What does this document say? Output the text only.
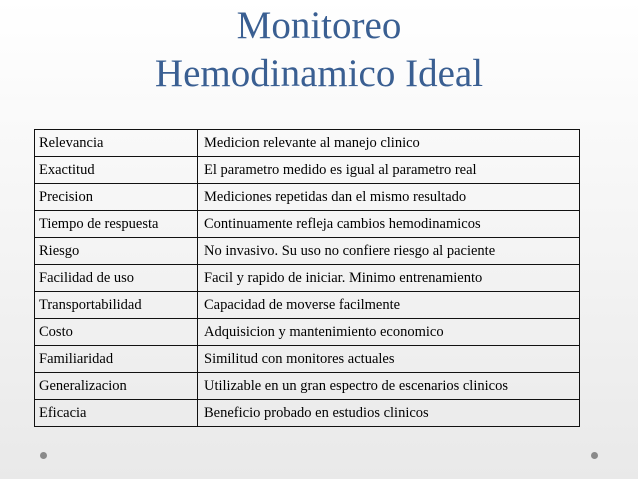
Monitoreo
Hemodinamico Ideal
Relevancia	Medicion relevante al manejo clinico
Exactitud	El parametro medido es igual al parametro real
Precision	Mediciones repetidas dan el mismo resultado
Tiempo de respuesta	Continuamente refleja cambios hemodinamicos
Riesgo	No invasivo. Su uso no confiere riesgo al paciente
Facilidad de uso	Facil y rapido de iniciar. Minimo entrenamiento
Transportabilidad	Capacidad de moverse facilmente
Costo	Adquisicion y mantenimiento economico
Familiaridad	Similitud con monitores actuales
Generalizacion	Utilizable en un gran espectro de escenarios clinicos
Eficacia	Beneficio probado en estudios clinicos
